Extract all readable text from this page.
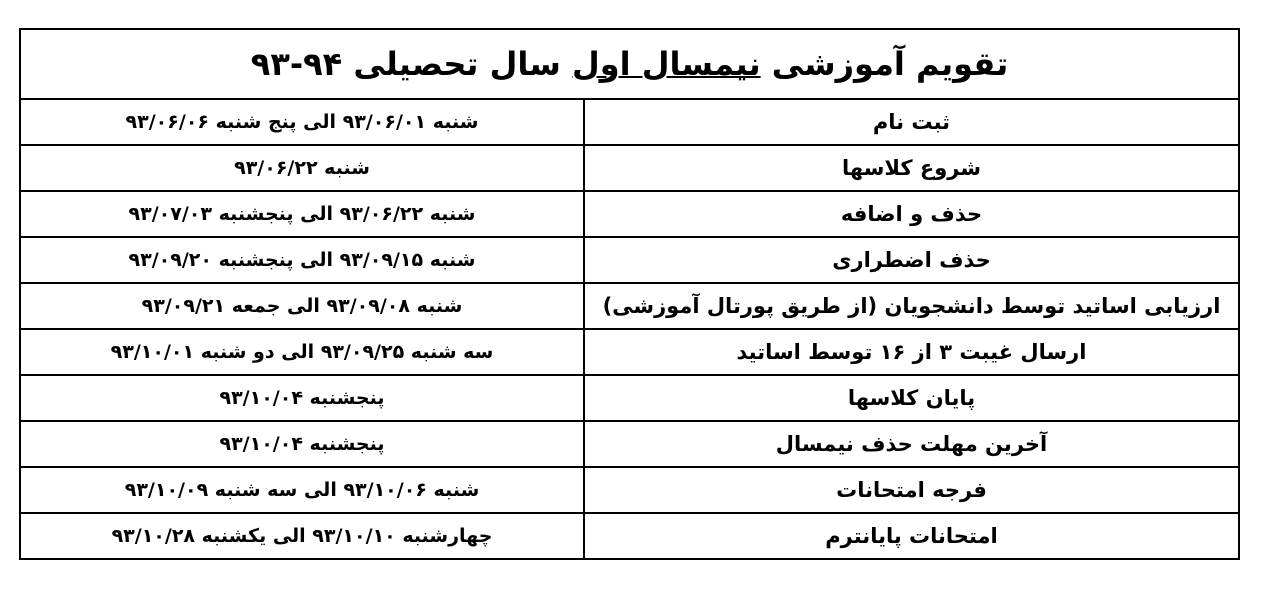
تقویم آموزشی نیمسال اول سال تحصیلی ۹۴-۹۳	
ثبت نام	شنبه ۹۳/۰۶/۰۱ الی پنج شنبه ۹۳/۰۶/۰۶
شروع کلاسها	شنبه ۹۳/۰۶/۲۲
حذف و اضافه	شنبه ۹۳/۰۶/۲۲ الی پنجشنبه ۹۳/۰۷/۰۳
حذف اضطراری	شنبه ۹۳/۰۹/۱۵ الی پنجشنبه ۹۳/۰۹/۲۰
ارزیابی اساتید توسط دانشجویان (از طریق پورتال آموزشی)	شنبه ۹۳/۰۹/۰۸ الی جمعه ۹۳/۰۹/۲۱
ارسال غیبت ۳ از ۱۶ توسط اساتید	سه شنبه ۹۳/۰۹/۲۵ الی دو شنبه ۹۳/۱۰/۰۱
پایان کلاسها	پنجشنبه ۹۳/۱۰/۰۴
آخرین مهلت حذف نیمسال	پنجشنبه ۹۳/۱۰/۰۴
فرجه امتحانات	شنبه ۹۳/۱۰/۰۶ الی سه شنبه ۹۳/۱۰/۰۹
امتحانات پایانترم	چهارشنبه ۹۳/۱۰/۱۰ الی یکشنبه ۹۳/۱۰/۲۸
